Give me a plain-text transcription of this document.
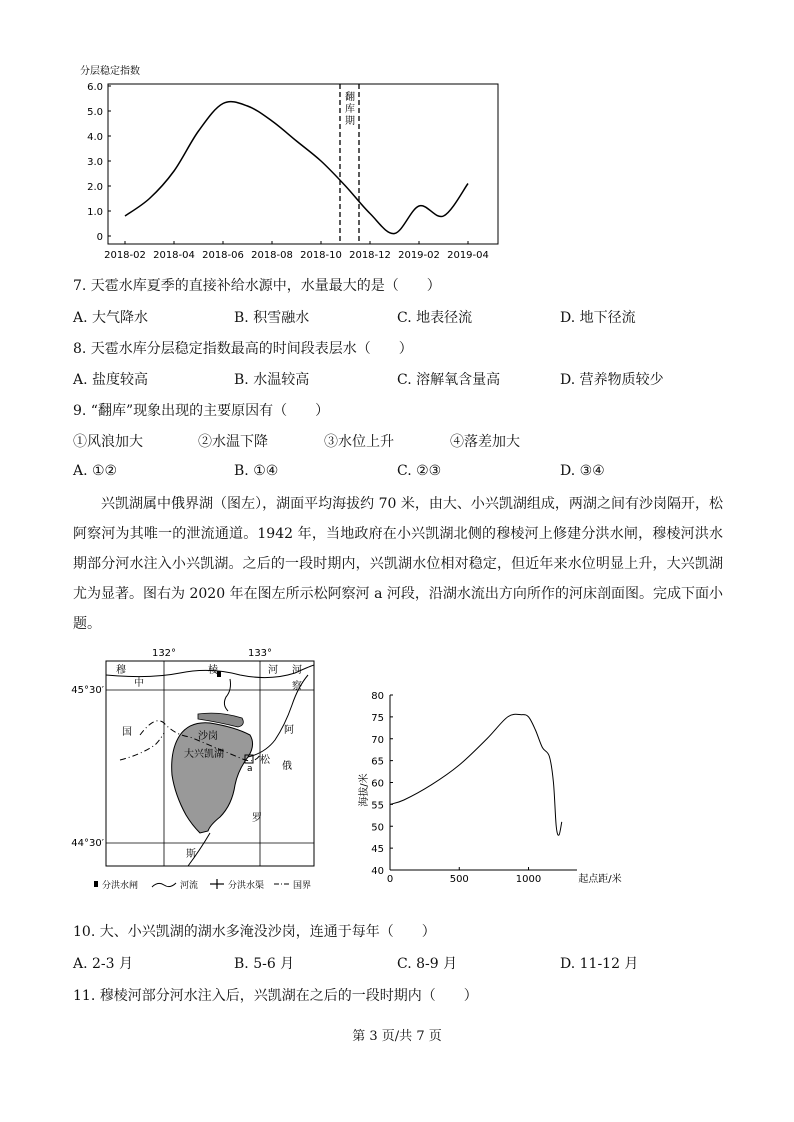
分层稳定指数
6.0
5.0
4.0
3.0
2.0
1.0
0
2018-02 2018-04 2018-06 2018-08 2018-10 2018-12 2019-02 2019-04
翻
库
期
7. 天雹水库夏季的直接补给水源中，水量最大的是（　　）
A. 大气降水	B. 积雪融水	C. 地表径流	D. 地下径流
8. 天雹水库分层稳定指数最高的时间段表层水（　　）
A. 盐度较高	B. 水温较高	C. 溶解氧含量高	D. 营养物质较少
9. “翻库”现象出现的主要原因有（　　）
①风浪加大	②水温下降	③水位上升	④落差加大
A. ①②	B. ①④	C. ②③	D. ③④

兴凯湖属中俄界湖（图左），湖面平均海拔约 70 米，由大、小兴凯湖组成，两湖之间有沙岗隔开，松阿察河为其唯一的泄流通道。1942 年，当地政府在小兴凯湖北侧的穆棱河上修建分洪水闸，穆棱河洪水期部分河水注入小兴凯湖。之后的一段时期内，兴凯湖水位相对稳定，但近年来水位明显上升，大兴凯湖尤为显著。图右为 2020 年在图左所示松阿察河 a 河段，沿湖水流出方向所作的河床剖面图。完成下面小题。

132°	133°
45°30′
44°30′
穆
中
棱	河 河
察
国	阿
松
俄
罗
斯
沙岗
大兴凯湖
a
分洪水闸	河流	分洪水渠	国界
海拔/米
80
75
70
65
60
55
50
45
40
0	500	1000	起点距/米
10. 大、小兴凯湖的湖水多淹没沙岗，连通于每年（　　）
A. 2-3 月	B. 5-6 月	C. 8-9 月	D. 11-12 月
11. 穆棱河部分河水注入后，兴凯湖在之后的一段时期内（　　）
第 3 页/共 7 页
